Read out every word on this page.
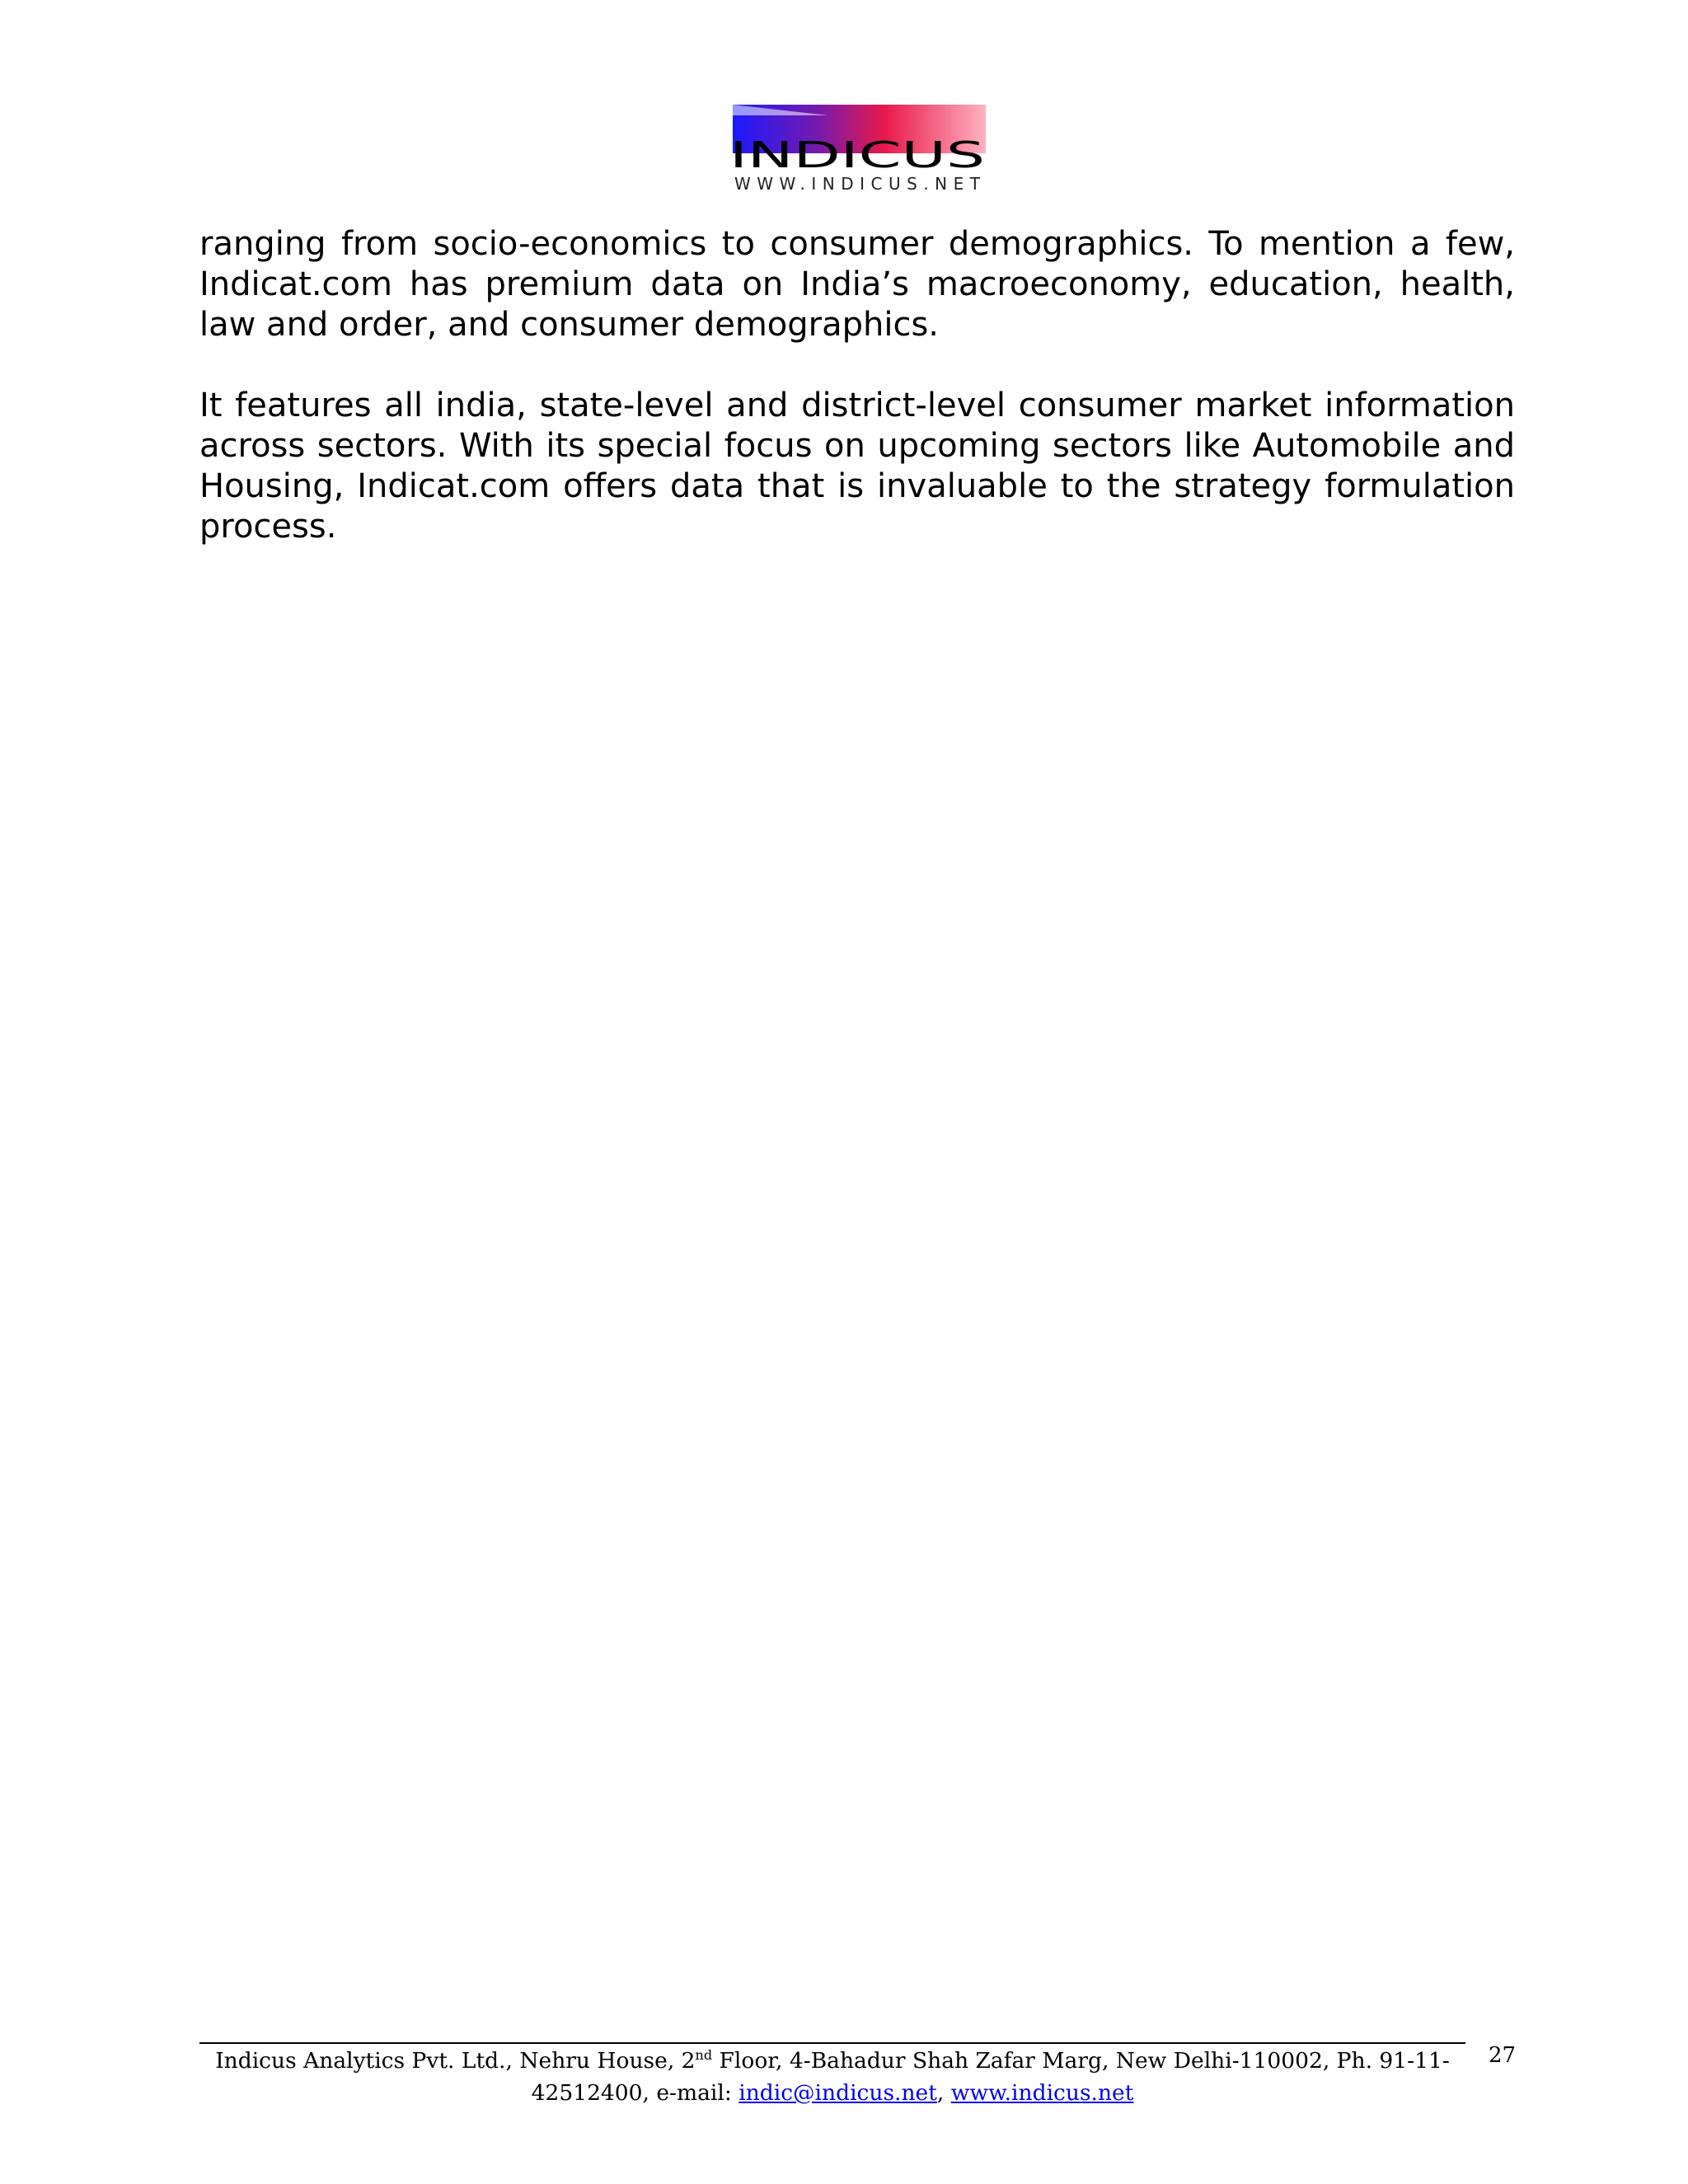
INDICUS
WWW.INDICUS.NET

ranging from socio-economics to consumer demographics. To mention a few, Indicat.com has premium data on India’s macroeconomy, education, health, law and order, and consumer demographics.

It features all india, state-level and district-level consumer market information across sectors. With its special focus on upcoming sectors like Automobile and Housing, Indicat.com offers data that is invaluable to the strategy formulation process.

Indicus Analytics Pvt. Ltd., Nehru House, 2nd Floor, 4-Bahadur Shah Zafar Marg, New Delhi-110002, Ph. 91-11-42512400, e-mail: indic@indicus.net, www.indicus.net

27
